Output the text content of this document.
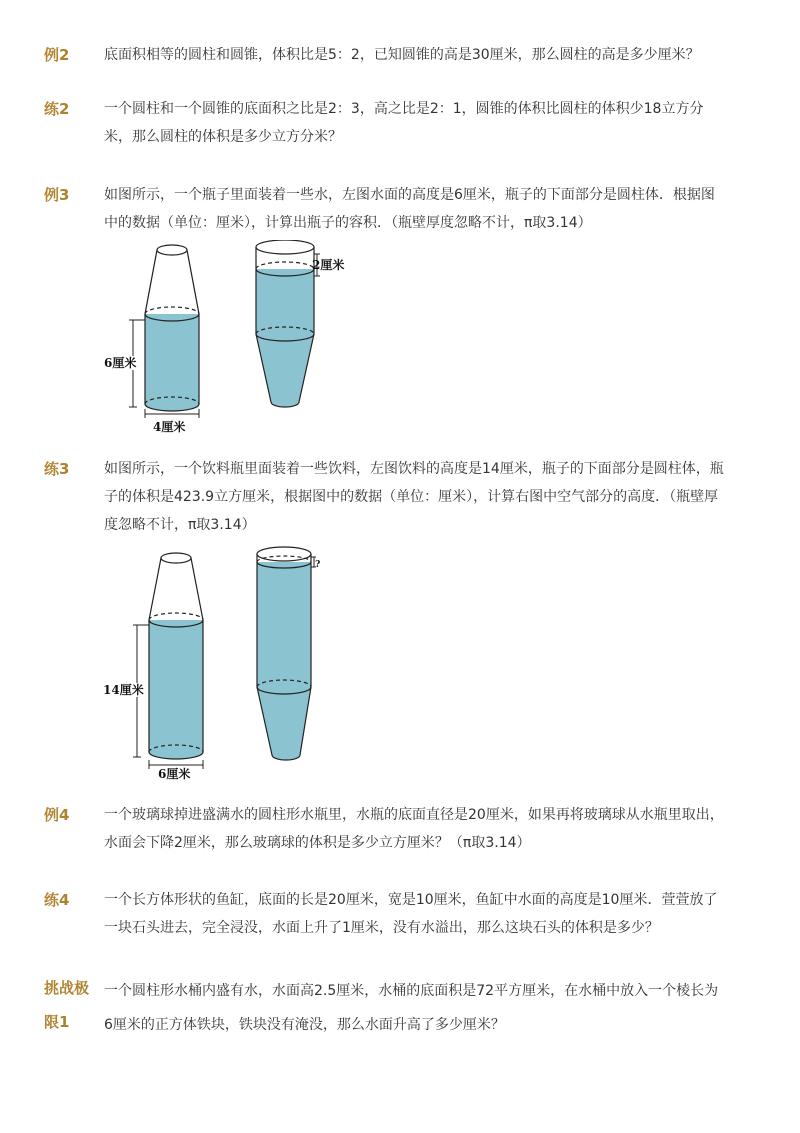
例2 底面积相等的圆柱和圆锥，体积比是5：2，已知圆锥的高是30厘米，那么圆柱的高是多少厘米？

练2 一个圆柱和一个圆锥的底面积之比是2：3，高之比是2：1，圆锥的体积比圆柱的体积少18立方分米，那么圆柱的体积是多少立方分米？

例3 如图所示，一个瓶子里面装着一些水，左图水面的高度是6厘米，瓶子的下面部分是圆柱体．根据图中的数据（单位：厘米），计算出瓶子的容积．（瓶壁厚度忽略不计，π取3.14）

6厘米
4厘米
2厘米
练3 如图所示，一个饮料瓶里面装着一些饮料，左图饮料的高度是14厘米，瓶子的下面部分是圆柱体，瓶子的体积是423.9立方厘米，根据图中的数据（单位：厘米），计算右图中空气部分的高度．（瓶壁厚度忽略不计，π取3.14）

14厘米
6厘米
?
例4 一个玻璃球掉进盛满水的圆柱形水瓶里，水瓶的底面直径是20厘米，如果再将玻璃球从水瓶里取出，水面会下降2厘米，那么玻璃球的体积是多少立方厘米？（π取3.14）

练4 一个长方体形状的鱼缸，底面的长是20厘米，宽是10厘米，鱼缸中水面的高度是10厘米．萱萱放了一块石头进去，完全浸没，水面上升了1厘米，没有水溢出，那么这块石头的体积是多少？

挑战极
限1

一个圆柱形水桶内盛有水，水面高2.5厘米，水桶的底面积是72平方厘米，在水桶中放入一个棱长为6厘米的正方体铁块，铁块没有淹没，那么水面升高了多少厘米？
